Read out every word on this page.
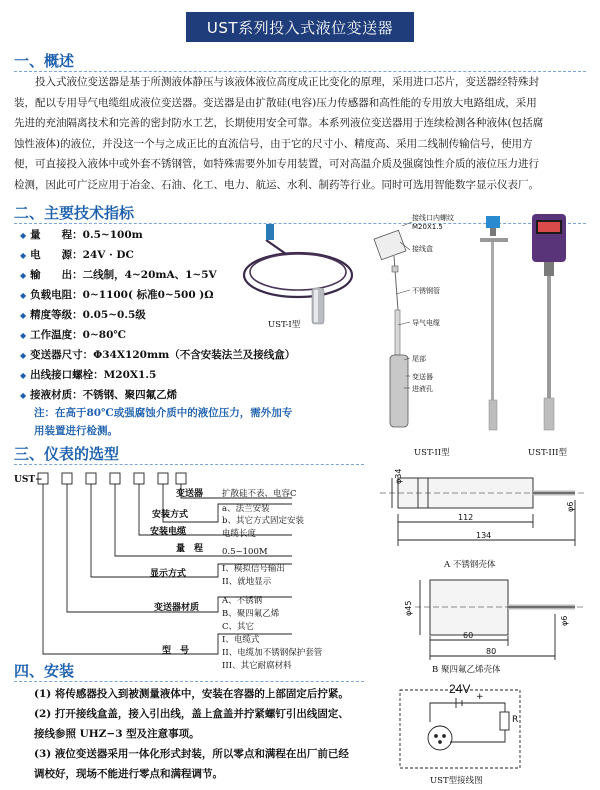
UST系列投入式液位变送器
一、概述
　　投入式液位变送器是基于所测液体静压与该液体液位高度成正比变化的原理，采用进口芯片，变送器经特殊封
装，配以专用导气电缆组成液位变送器。变送器是由扩散硅(电容)压力传感器和高性能的专用放大电路组成，采用
先进的充油隔离技术和完善的密封防水工艺，长期使用安全可靠。本系列液位变送器用于连续检测各种液体(包括腐
蚀性液体)的液位，并没这一个与之成正比的直流信号，由于它的尺寸小、精度高、采用二线制传输信号，使用方
便，可直接投入液体中或外套不锈钢管，如特殊需要外加专用装置，可对高温介质及强腐蚀性介质的液位压力进行
检测，因此可广泛应用于冶金、石油、化工、电力、航运、水利、制药等行业。同时可选用智能数字显示仪表厂。
二、主要技术指标
◆ 量　　程：0.5~100m
◆ 电　　源：24V · DC
◆ 输　　出：二线制，4~20mA、1~5V
◆ 负载电阻：0~1100( 标准0~500 )Ω
◆ 精度等级：0.05~0.5级
◆ 工作温度：0~80℃
◆ 变送器尺寸：Φ34X120mm（不含安装法兰及接线盒）
◆ 出线接口螺栓：M20X1.5
◆ 接液材质：不锈钢、聚四氟乙烯
注：在高于80℃或强腐蚀介质中的液位压力，需外加专
用装置进行检测。
UST-I型
接线口内螺纹
M20X1.5
接线盒
不锈钢管
导气电缆
尾部
变送器
进液孔
UST-II型	UST-III型
三、仪表的选型
UST−
变送器 扩散硅不表、电容C
安装方式
a、法兰安装
b、其它方式固定安装
安装电缆	电缆长度
量　程 0.5~100M
显示方式	I、模拟信号输出
II、就地显示
变送器材质
A、不锈钢
B、聚四氟乙烯
C、其它
型　号
I、电缆式
II、电缆加不锈钢保护套管
III、其它耐腐材料
φ34
112
134
φ6
A 不锈钢壳体
φ45
60
80
φ6
B 聚四氟乙烯壳体
四、安装
(1) 将传感器投入到被测量液体中，安装在容器的上部固定后拧紧。
(2) 打开接线盒盖，接入引出线，盖上盒盖并拧紧螺钉引出线固定、
接线参照 UHZ−3 型及注意事项。
(3) 液位变送器采用一体化形式封装，所以零点和满程在出厂前已经
调校好，现场不能进行零点和满程调节。
24V
+
R
UST型接线图
